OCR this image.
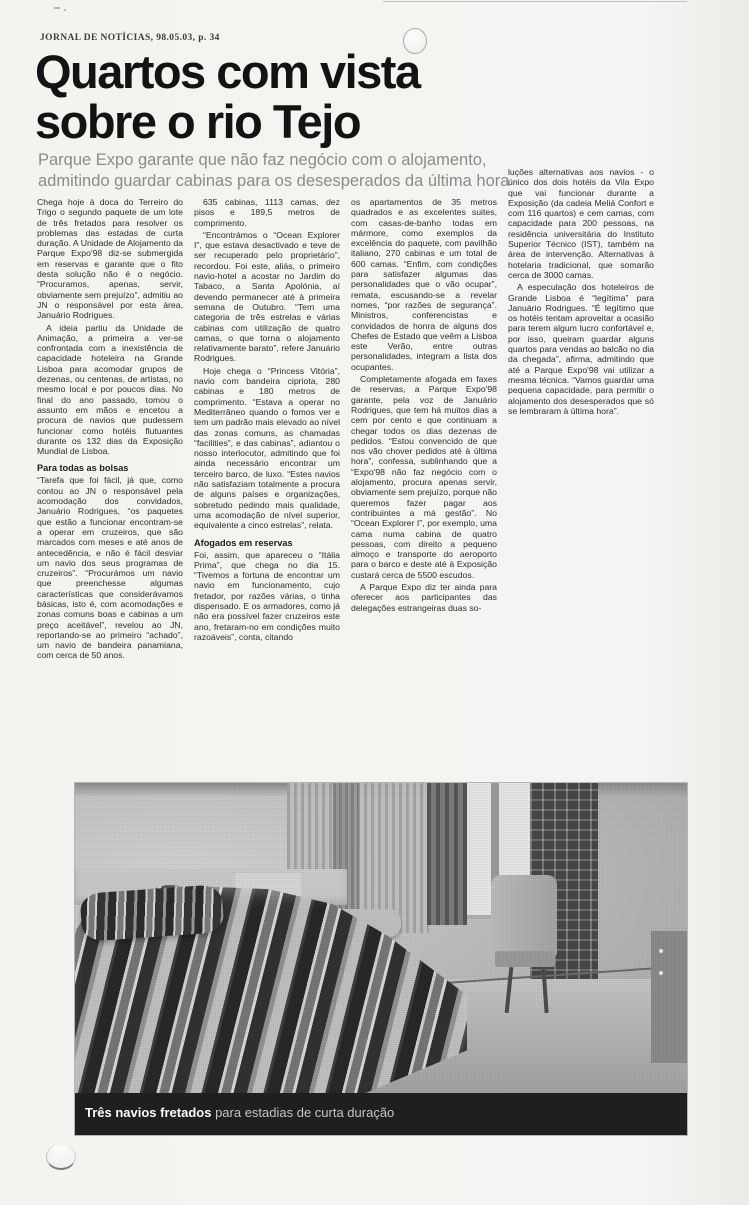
JORNAL DE NOTÍCIAS, 98.05.03, p. 34
Quartos com vista
sobre o rio Tejo

Parque Expo garante que não faz negócio com o alojamento, admitindo guardar cabinas para os desesperados da última hora

Chega hoje à doca do Terreiro do Trigo o segundo paquete de um lote de três fretados para resolver os problemas das estadas de curta duração. A Unidade de Alojamento da Parque Expo'98 diz-se submergida em reservas e garante que o fito desta solução não é o negócio. “Procuramos, apenas, servir, obviamente sem prejuízo”, admitiu ao JN o responsável por esta área, Januário Rodrigues.

A ideia partiu da Unidade de Animação, a primeira a ver-se confrontada com a inexistência de capacidade hoteleira na Grande Lisboa para acomodar grupos de dezenas, ou centenas, de artistas, no mesmo local e por poucos dias. No final do ano passado, tomou o assunto em mãos e encetou a procura de navios que pudessem funcionar como hotéis flutuantes durante os 132 dias da Exposição Mundial de Lisboa.

Para todas as bolsas

“Tarefa que foi fácil, já que, como contou ao JN o responsável pela acomodação dos convidados, Januário Rodrigues, “os paquetes que estão a funcionar encontram-se a operar em cruzeiros, que são marcados com meses e até anos de antecedência, e não é fácil desviar um navio dos seus programas de cruzeiros”. “Procurámos um navio que preenchesse algumas características que considerávamos básicas, isto é, com acomodações e zonas comuns boas e cabinas a um preço aceitável”, revelou ao JN, reportando-se ao primeiro “achado”, um navio de bandeira panamiana, com cerca de 50 anos.

635 cabinas, 1113 camas, dez pisos e 189,5 metros de comprimento.

“Encontrámos o “Ocean Explorer I”, que estava desactivado e teve de ser recuperado pelo proprietário”, recordou. Foi este, aliás, o primeiro navio-hotel a acostar no Jardim do Tabaco, a Santa Apolónia, aí devendo permanecer até à primeira semana de Outubro. “Tem uma categoria de três estrelas e várias cabinas com utilização de quatro camas, o que torna o alojamento relativamente barato”, refere Januário Rodrigues.

Hoje chega o “Princess Vitória”, navio com bandeira cipriota, 280 cabinas e 180 metros de comprimento. “Estava a operar no Mediterrâneo quando o fomos ver e tem um padrão mais elevado ao nível das zonas comuns, as chamadas “facilities”, e das cabinas”, adiantou o nosso interlocutor, admitindo que foi ainda necessário encontrar um terceiro barco, de luxo. “Estes navios não satisfaziam totalmente a procura de alguns países e organizações, sobretudo pedindo mais qualidade, uma acomodação de nível superior, equivalente a cinco estrelas”, relata.

Afogados em reservas

Foi, assim, que apareceu o “Itália Prima”, que chega no dia 15. “Tivemos a fortuna de encontrar um navio em funcionamento, cujo fretador, por razões várias, o tinha dispensado. E os armadores, como já não era possível fazer cruzeiros este ano, fretaram-no em condições muito razoáveis”, conta, citando

os apartamentos de 35 metros quadrados e as excelentes suites, com casas-de-banho todas em mármore, como exemplos da excelência do paquete, com pavilhão italiano, 270 cabinas e um total de 600 camas. “Enfim, com condições para satisfazer algumas das personalidades que o vão ocupar”, remata, escusando-se a revelar nomes, “por razões de segurança”. Ministros, conferencistas e convidados de honra de alguns dos Chefes de Estado que veêm a Lisboa este Verão, entre outras personalidades, integram a lista dos ocupantes.

Completamente afogada em faxes de reservas, a Parque Expo'98 garante, pela voz de Januário Rodrigues, que tem há muitos dias a cem por cento e que continuam a chegar todos os dias dezenas de pedidos. “Estou convencido de que nos vão chover pedidos até à última hora”, confessa, sublinhando que a “Expo'98 não faz negócio com o alojamento, procura apenas servir, obviamente sem prejuízo, porque não queremos fazer pagar aos contribuintes a má gestão”. No “Ocean Explorer I”, por exemplo, uma cama numa cabina de quatro pessoas, com direito a pequeno almoço e transporte do aeroporto para o barco e deste até à Exposição custará cerca de 5500 escudos.

A Parque Expo diz ter ainda para oferecer aos participantes das delegações estrangeiras duas so-

luções alternativas aos navios - o único dos dois hotéis da Vila Expo que vai funcionar durante a Exposição (da cadeia Meliá Confort e com 116 quartos) e cem camas, com capacidade para 200 pessoas, na residência universitária do Instituto Superior Técnico (IST), também na área de intervenção. Alternativas à hotelaria tradicional, que somarão cerca de 3000 camas.

A especulação dos hoteleiros de Grande Lisboa é “legítima” para Januário Rodrigues. “É legítimo que os hotéis tentam aproveitar a ocasião para terem algum lucro confortável e, por isso, queiram guardar alguns quartos para vendas ao balcão no dia da chegada”, afirma, admitindo que até a Parque Expo'98 vai utilizar a mesma técnica. “Vamos guardar uma pequena capacidade, para permitir o alojamento dos desesperados que só se lembraram à última hora”.

Três navios fretados para estadias de curta duração
